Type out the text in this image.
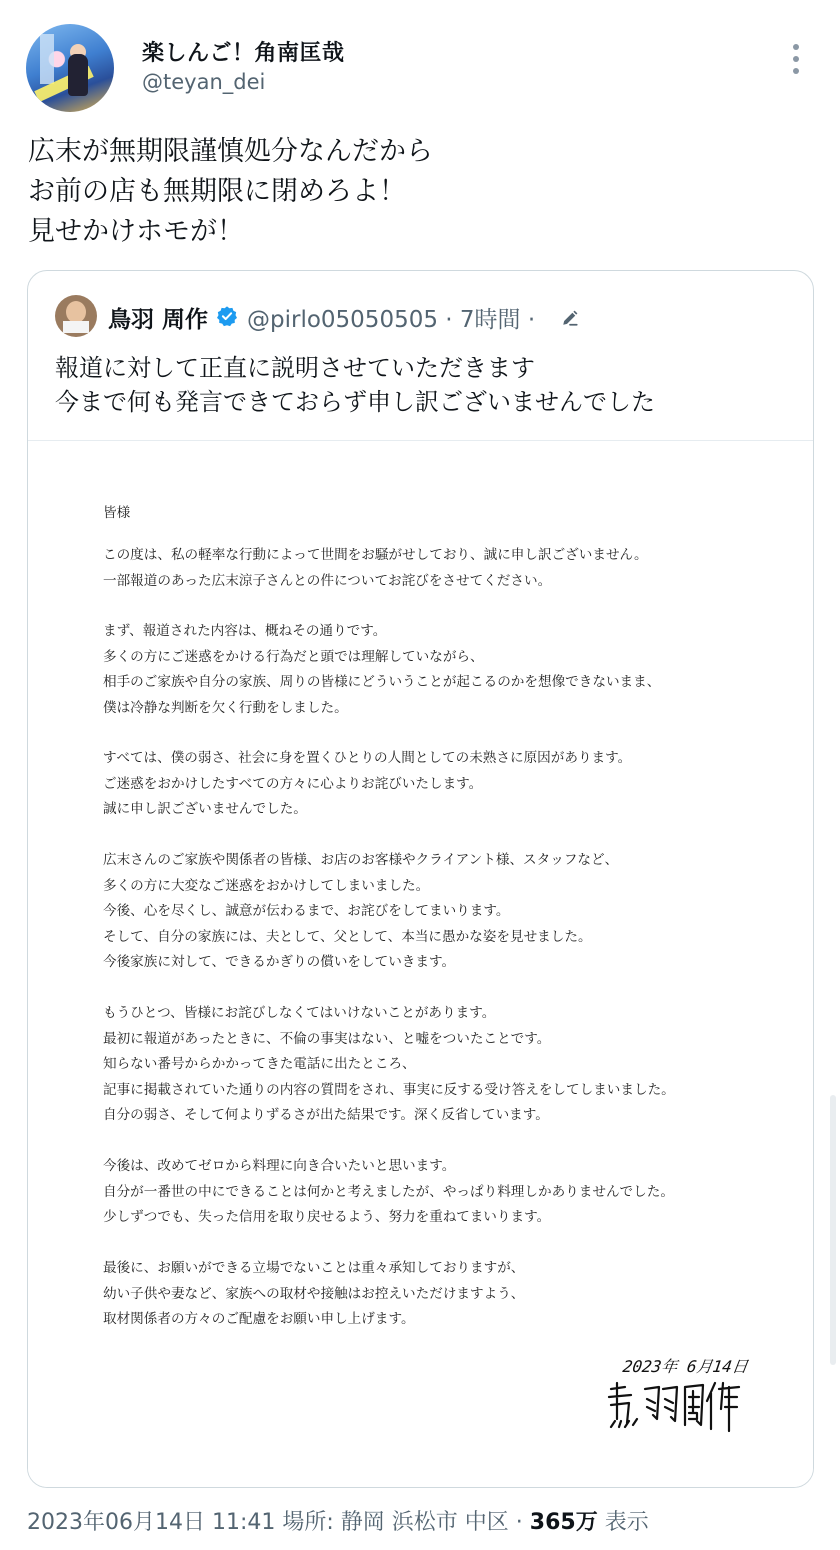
楽しんご！角南匡哉
@teyan_dei
広末が無期限謹慎処分なんだから
お前の店も無期限に閉めろよ！
見せかけホモが！
鳥羽 周作 @pirlo05050505 · 7時間 ·
報道に対して正直に説明させていただきます
今まで何も発言できておらず申し訳ございませんでした
皆様
この度は、私の軽率な行動によって世間をお騒がせしており、誠に申し訳ございません。
一部報道のあった広末涼子さんとの件についてお詫びをさせてください。
まず、報道された内容は、概ねその通りです。
多くの方にご迷惑をかける行為だと頭では理解していながら、
相手のご家族や自分の家族、周りの皆様にどういうことが起こるのかを想像できないまま、
僕は冷静な判断を欠く行動をしました。
すべては、僕の弱さ、社会に身を置くひとりの人間としての未熟さに原因があります。
ご迷惑をおかけしたすべての方々に心よりお詫びいたします。
誠に申し訳ございませんでした。
広末さんのご家族や関係者の皆様、お店のお客様やクライアント様、スタッフなど、
多くの方に大変なご迷惑をおかけしてしまいました。
今後、心を尽くし、誠意が伝わるまで、お詫びをしてまいります。
そして、自分の家族には、夫として、父として、本当に愚かな姿を見せました。
今後家族に対して、できるかぎりの償いをしていきます。
もうひとつ、皆様にお詫びしなくてはいけないことがあります。
最初に報道があったときに、不倫の事実はない、と嘘をついたことです。
知らない番号からかかってきた電話に出たところ、
記事に掲載されていた通りの内容の質問をされ、事実に反する受け答えをしてしまいました。
自分の弱さ、そして何よりずるさが出た結果です。深く反省しています。
今後は、改めてゼロから料理に向き合いたいと思います。
自分が一番世の中にできることは何かと考えましたが、やっぱり料理しかありませんでした。
少しずつでも、失った信用を取り戻せるよう、努力を重ねてまいります。
最後に、お願いができる立場でないことは重々承知しておりますが、
幼い子供や妻など、家族への取材や接触はお控えいただけますよう、
取材関係者の方々のご配慮をお願い申し上げます。
2023年 6月14日
2023年06月14日 11:41 場所: 静岡 浜松市 中区 · 365万 表示
